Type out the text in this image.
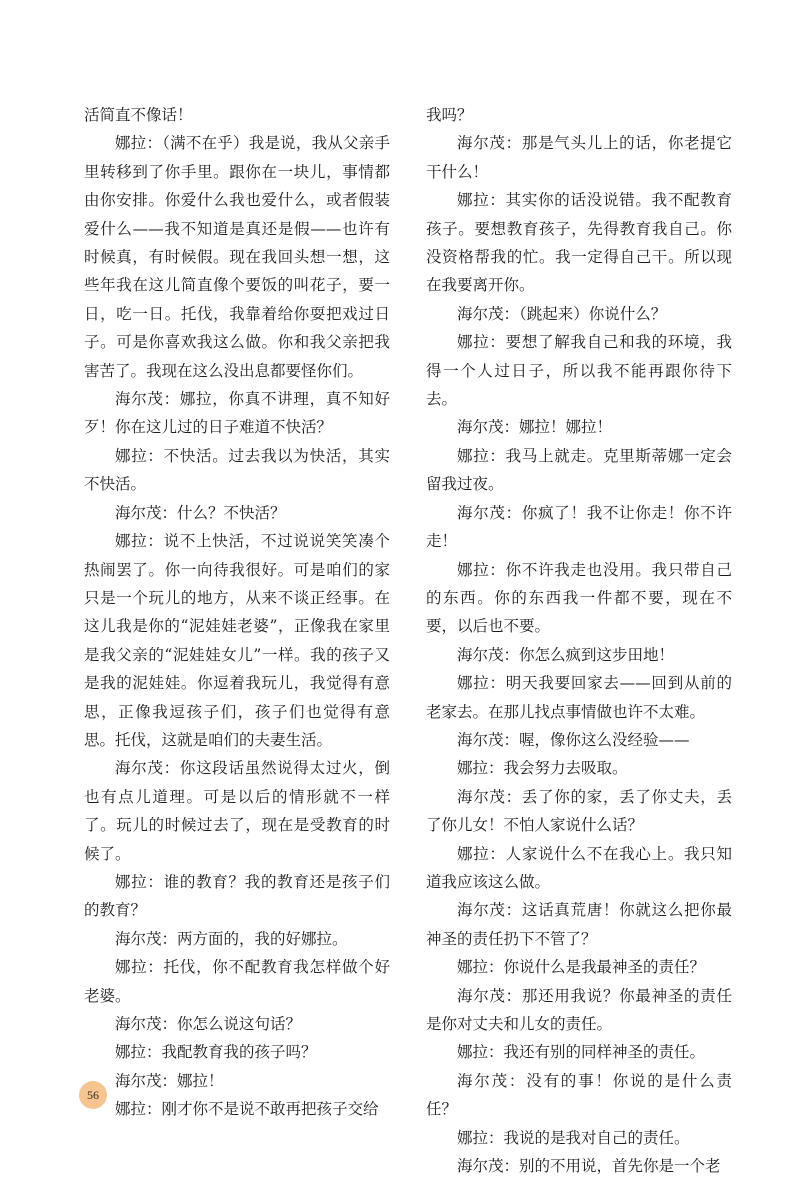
活简直不像话！

娜拉：（满不在乎）我是说，我从父亲手里转移到了你手里。跟你在一块儿，事情都由你安排。你爱什么我也爱什么，或者假装爱什么——我不知道是真还是假——也许有时候真，有时候假。现在我回头想一想，这些年我在这儿简直像个要饭的叫花子，要一日，吃一日。托伐，我靠着给你耍把戏过日子。可是你喜欢我这么做。你和我父亲把我害苦了。我现在这么没出息都要怪你们。

海尔茂：娜拉，你真不讲理，真不知好歹！你在这儿过的日子难道不快活？

娜拉：不快活。过去我以为快活，其实不快活。

海尔茂：什么？不快活？

娜拉：说不上快活，不过说说笑笑凑个热闹罢了。你一向待我很好。可是咱们的家只是一个玩儿的地方，从来不谈正经事。在这儿我是你的“泥娃娃老婆”，正像我在家里是我父亲的“泥娃娃女儿”一样。我的孩子又是我的泥娃娃。你逗着我玩儿，我觉得有意思，正像我逗孩子们，孩子们也觉得有意思。托伐，这就是咱们的夫妻生活。

海尔茂：你这段话虽然说得太过火，倒也有点儿道理。可是以后的情形就不一样了。玩儿的时候过去了，现在是受教育的时候了。

娜拉：谁的教育？我的教育还是孩子们的教育？

海尔茂：两方面的，我的好娜拉。

娜拉：托伐，你不配教育我怎样做个好老婆。

海尔茂：你怎么说这句话？

娜拉：我配教育我的孩子吗？

海尔茂：娜拉！

娜拉：刚才你不是说不敢再把孩子交给

我吗？

海尔茂：那是气头儿上的话，你老提它干什么！

娜拉：其实你的话没说错。我不配教育孩子。要想教育孩子，先得教育我自己。你没资格帮我的忙。我一定得自己干。所以现在我要离开你。

海尔茂：（跳起来）你说什么？

娜拉：要想了解我自己和我的环境，我得一个人过日子，所以我不能再跟你待下去。

海尔茂：娜拉！娜拉！

娜拉：我马上就走。克里斯蒂娜一定会留我过夜。

海尔茂：你疯了！我不让你走！你不许走！

娜拉：你不许我走也没用。我只带自己的东西。你的东西我一件都不要，现在不要，以后也不要。

海尔茂：你怎么疯到这步田地！

娜拉：明天我要回家去——回到从前的老家去。在那儿找点事情做也许不太难。

海尔茂：喔，像你这么没经验——

娜拉：我会努力去吸取。

海尔茂：丢了你的家，丢了你丈夫，丢了你儿女！不怕人家说什么话？

娜拉：人家说什么不在我心上。我只知道我应该这么做。

海尔茂：这话真荒唐！你就这么把你最神圣的责任扔下不管了？

娜拉：你说什么是我最神圣的责任？

海尔茂：那还用我说？你最神圣的责任是你对丈夫和儿女的责任。

娜拉：我还有别的同样神圣的责任。

海尔茂：没有的事！你说的是什么责任？

娜拉：我说的是我对自己的责任。

海尔茂：别的不用说，首先你是一个老

56
